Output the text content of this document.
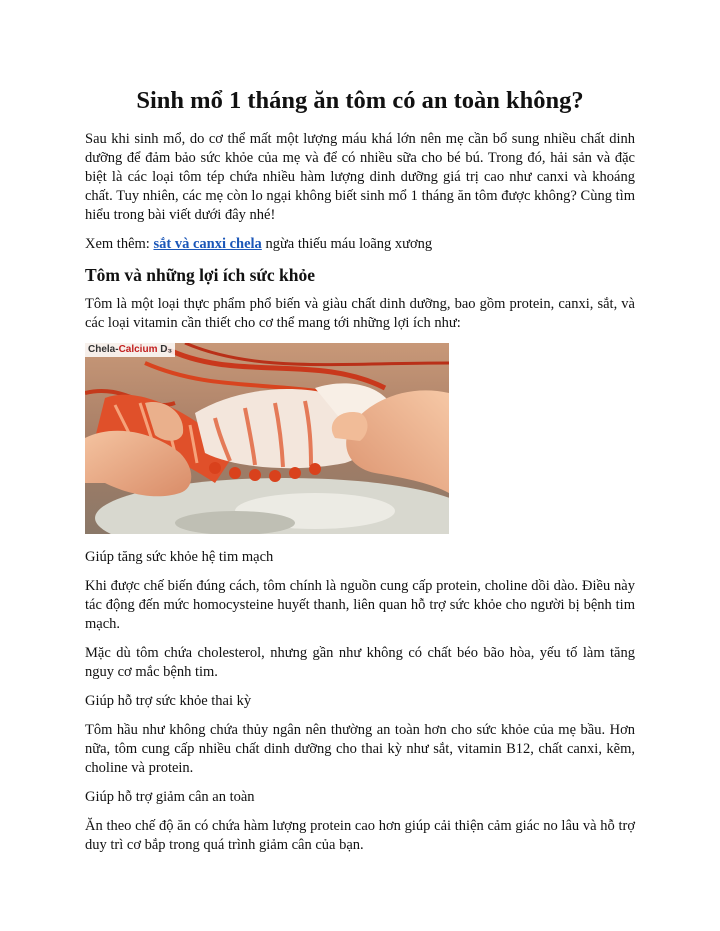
Sinh mổ 1 tháng ăn tôm có an toàn không?

Sau khi sinh mổ, do cơ thể mất một lượng máu khá lớn nên mẹ cần bổ sung nhiều chất dinh dưỡng để đảm bảo sức khỏe của mẹ và để có nhiều sữa cho bé bú. Trong đó, hải sản và đặc biệt là các loại tôm tép chứa nhiều hàm lượng dinh dưỡng giá trị cao như canxi và khoáng chất. Tuy nhiên, các mẹ còn lo ngại không biết sinh mổ 1 tháng ăn tôm được không? Cùng tìm hiểu trong bài viết dưới đây nhé!

Xem thêm: sắt và canxi chela ngừa thiếu máu loãng xương

Tôm và những lợi ích sức khỏe

Tôm là một loại thực phẩm phổ biến và giàu chất dinh dưỡng, bao gồm protein, canxi, sắt, và các loại vitamin cần thiết cho cơ thể mang tới những lợi ích như:

Chela-Calcium D₃

Giúp tăng sức khỏe hệ tim mạch

Khi được chế biến đúng cách, tôm chính là nguồn cung cấp protein, choline dồi dào. Điều này tác động đến mức homocysteine huyết thanh, liên quan hỗ trợ sức khỏe cho người bị bệnh tim mạch.

Mặc dù tôm chứa cholesterol, nhưng gần như không có chất béo bão hòa, yếu tố làm tăng nguy cơ mắc bệnh tim.

Giúp hỗ trợ sức khỏe thai kỳ

Tôm hầu như không chứa thủy ngân nên thường an toàn hơn cho sức khỏe của mẹ bầu. Hơn nữa, tôm cung cấp nhiều chất dinh dưỡng cho thai kỳ như sắt, vitamin B12, chất canxi, kẽm, choline và protein.

Giúp hỗ trợ giảm cân an toàn

Ăn theo chế độ ăn có chứa hàm lượng protein cao hơn giúp cải thiện cảm giác no lâu và hỗ trợ duy trì cơ bắp trong quá trình giảm cân của bạn.
